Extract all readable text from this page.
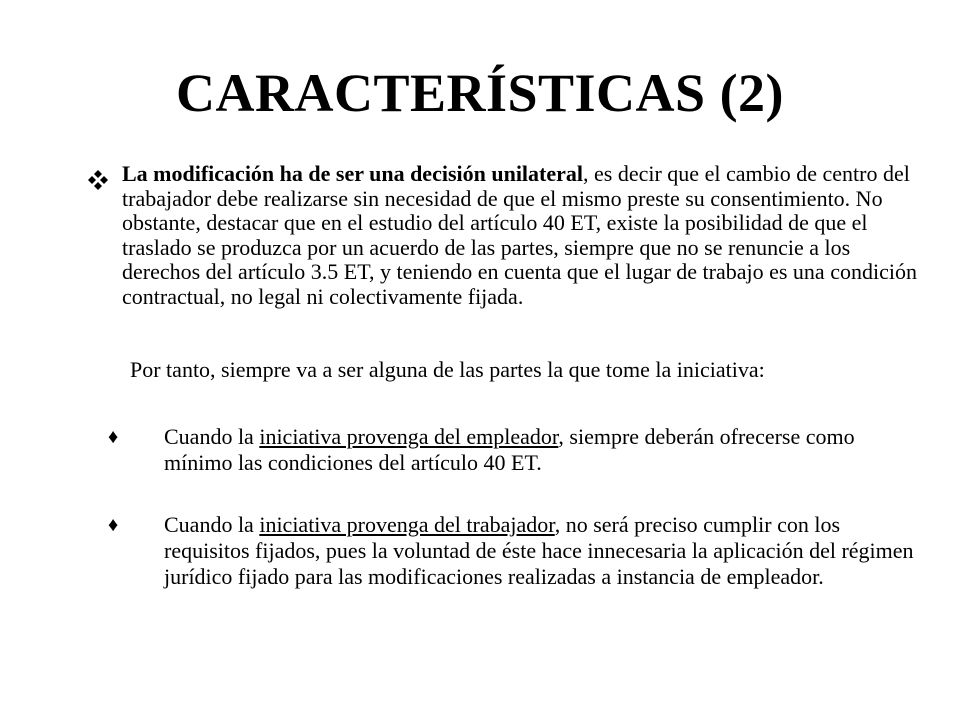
CARACTERÍSTICAS (2)
La modificación ha de ser una decisión unilateral, es decir que el cambio de centro del trabajador debe realizarse sin necesidad de que el mismo preste su consentimiento. No obstante, destacar que en el estudio del artículo 40 ET, existe la posibilidad de que el traslado se produzca por un acuerdo de las partes, siempre que no se renuncie a los derechos del artículo 3.5 ET, y teniendo en cuenta que el lugar de trabajo es una condición contractual, no legal ni colectivamente fijada.
Por tanto, siempre va a ser alguna de las partes la que tome la iniciativa:
♦ Cuando la iniciativa provenga del empleador, siempre deberán ofrecerse como mínimo las condiciones del artículo 40 ET.
♦ Cuando la iniciativa provenga del trabajador, no será preciso cumplir con los requisitos fijados, pues la voluntad de éste hace innecesaria la aplicación del régimen jurídico fijado para las modificaciones realizadas a instancia de empleador.
